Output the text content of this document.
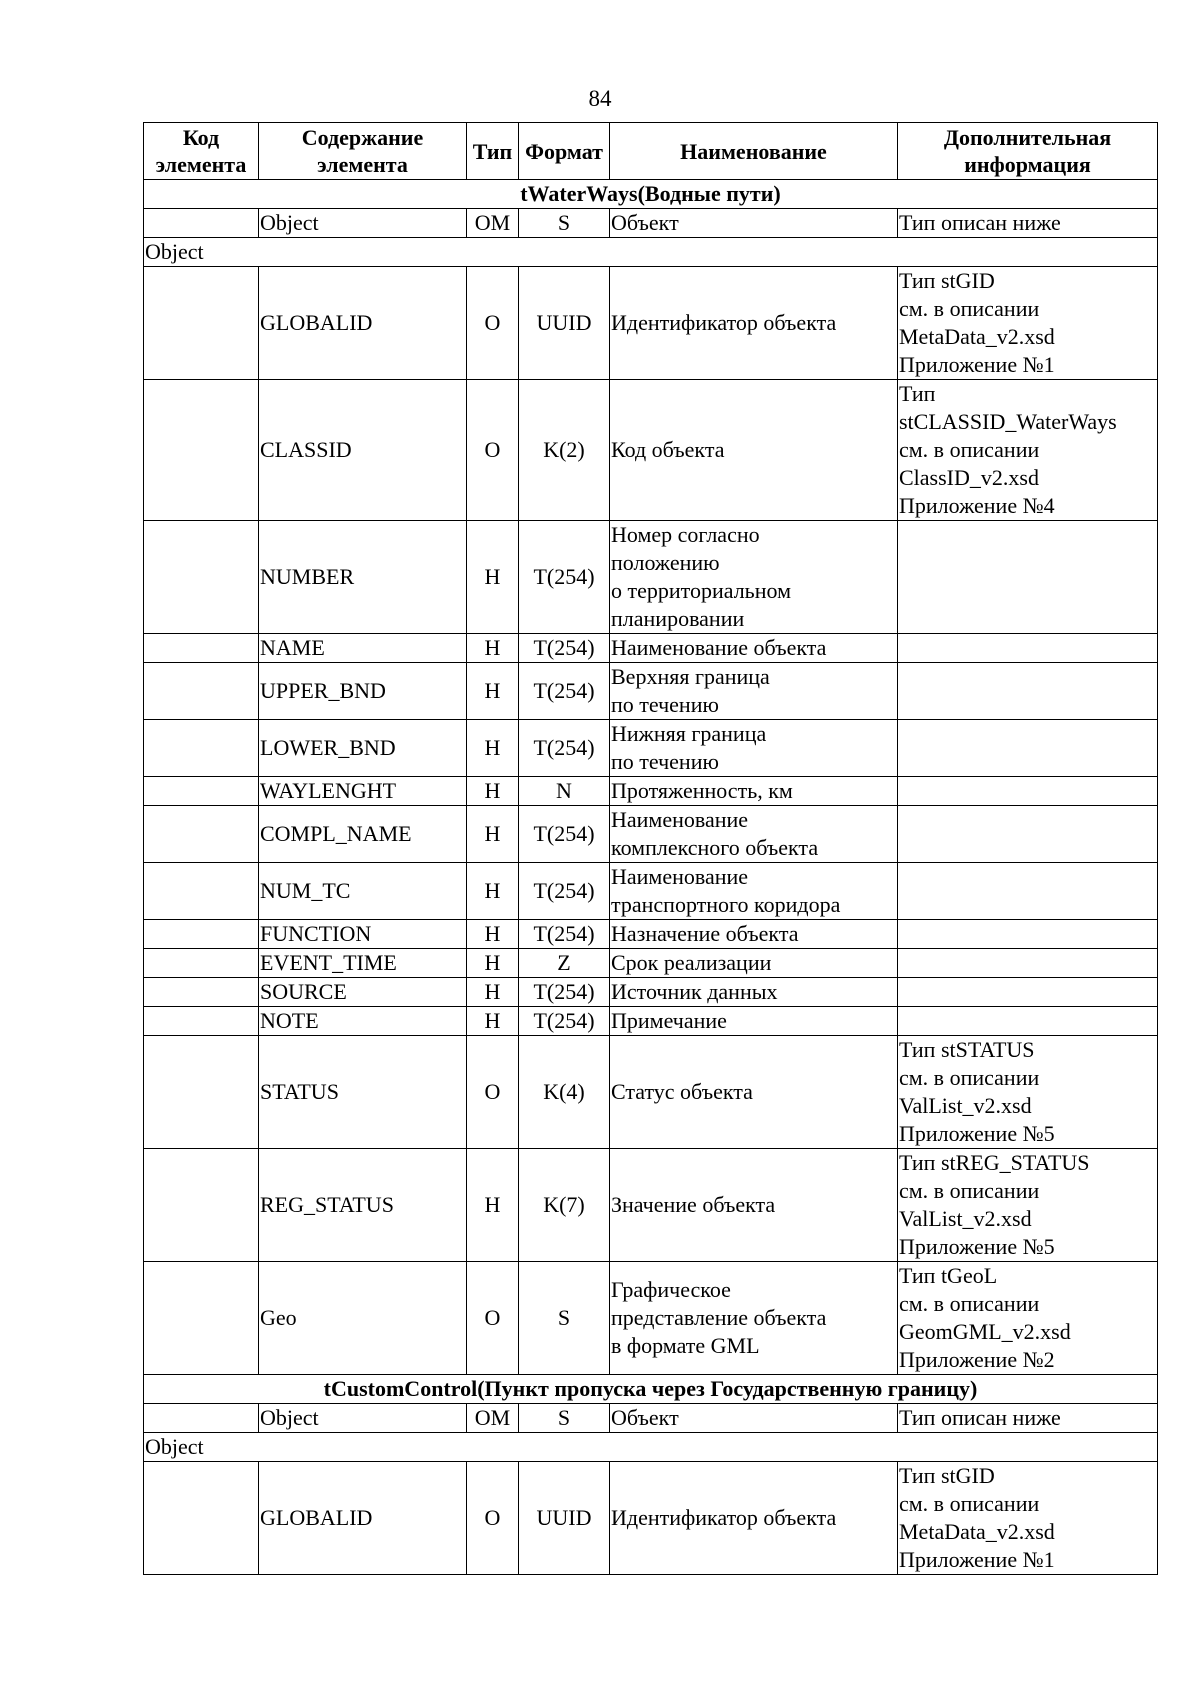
84
Код элемента	Содержание элемента	Тип	Формат	Наименование	Дополнительная информация
tWaterWays(Водные пути)					
	Object	OM	S	Объект	Тип описан ниже
Object					
	GLOBALID	O	UUID	Идентификатор объекта	Тип stGID
см. в описании
MetaData_v2.xsd
Приложение №1
	CLASSID	O	K(2)	Код объекта	Тип
stCLASSID_WaterWays
см. в описании
ClassID_v2.xsd
Приложение №4
	NUMBER	H	T(254)	Номер согласно
положению
о территориальном
планировании	
	NAME	H	T(254)	Наименование объекта	
	UPPER_BND	H	T(254)	Верхняя граница
по течению	
	LOWER_BND	H	T(254)	Нижняя граница
по течению	
	WAYLENGHT	H	N	Протяженность, км	
	COMPL_NAME	H	T(254)	Наименование
комплексного объекта	
	NUM_TC	H	T(254)	Наименование
транспортного коридора	
	FUNCTION	H	T(254)	Назначение объекта	
	EVENT_TIME	H	Z	Срок реализации	
	SOURCE	H	T(254)	Источник данных	
	NOTE	H	T(254)	Примечание	
	STATUS	O	K(4)	Статус объекта	Тип stSTATUS
см. в описании
ValList_v2.xsd
Приложение №5
	REG_STATUS	H	K(7)	Значение объекта	Тип stREG_STATUS
см. в описании
ValList_v2.xsd
Приложение №5
	Geo	O	S	Графическое
представление объекта
в формате GML	Тип tGeoL
см. в описании
GeomGML_v2.xsd
Приложение №2
tCustomControl(Пункт пропуска через Государственную границу)					
	Object	OM	S	Объект	Тип описан ниже
Object					
	GLOBALID	O	UUID	Идентификатор объекта	Тип stGID
см. в описании
MetaData_v2.xsd
Приложение №1
